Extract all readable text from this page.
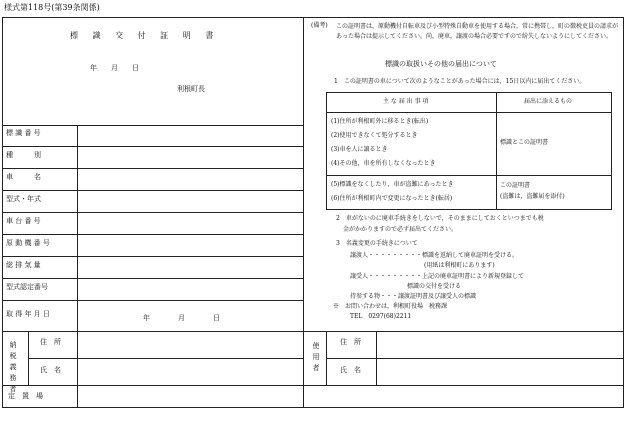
様式第118号(第39条関係)
標 識 交 付 証 明 書
年　　月　　日
利根町長
標 識 番 号
種　　　別
車　　　名
型式・年式
車 台 番 号
原 動 機 番 号
総 排 気 量
型式認定番号
取 得 年 月 日	年　　　　月　　　　日
納 税 義 務 者
住　所
氏　名
使 用 者
住　所
氏　名
定　置　場
(備考) この証明書は，原動機付自転車及び小型特殊自動車を使用する場合，常に携帯し，町の徴税吏員の請求があった場合は提示してください。尚，廃車，譲渡の場合必要ですので紛失しないようにしてください。
標識の取扱いその他の届出について
1　この証明書の車について次のようなことがあった場合には，15日以内に届出てください。
主 な 届 出 事 項	届出に添えるもの
(1)住所が利根町外に移るとき(転出)
(2)使用できなくて処分するとき
(3)車を人に譲るとき
(4)その他，車を所有しなくなったとき
標識とこの証明書
(5)標識をなくしたり，車が盗難にあったとき
(6)住所が利根町内で変更になったとき(転居)
この証明書
(盗難は，盗難届を添付)
2　車がないのに廃車手続きをしないで，そのままにしておくといつまでも税
金がかかりますので必ず届出てください。
3　名義変更の手続きについて
譲渡人・・・・・・・・・標識を返納して廃車証明を受ける。
(用紙は利根町にあります)
譲受人・・・・・・・・・上記の廃車証明書により新規登録して
標識の交付を受ける
持参する物・・・譲渡証明書及び譲受人の標識
※　お問い合わせは，利根町役場　税務課
TEL　0297(68)2211
